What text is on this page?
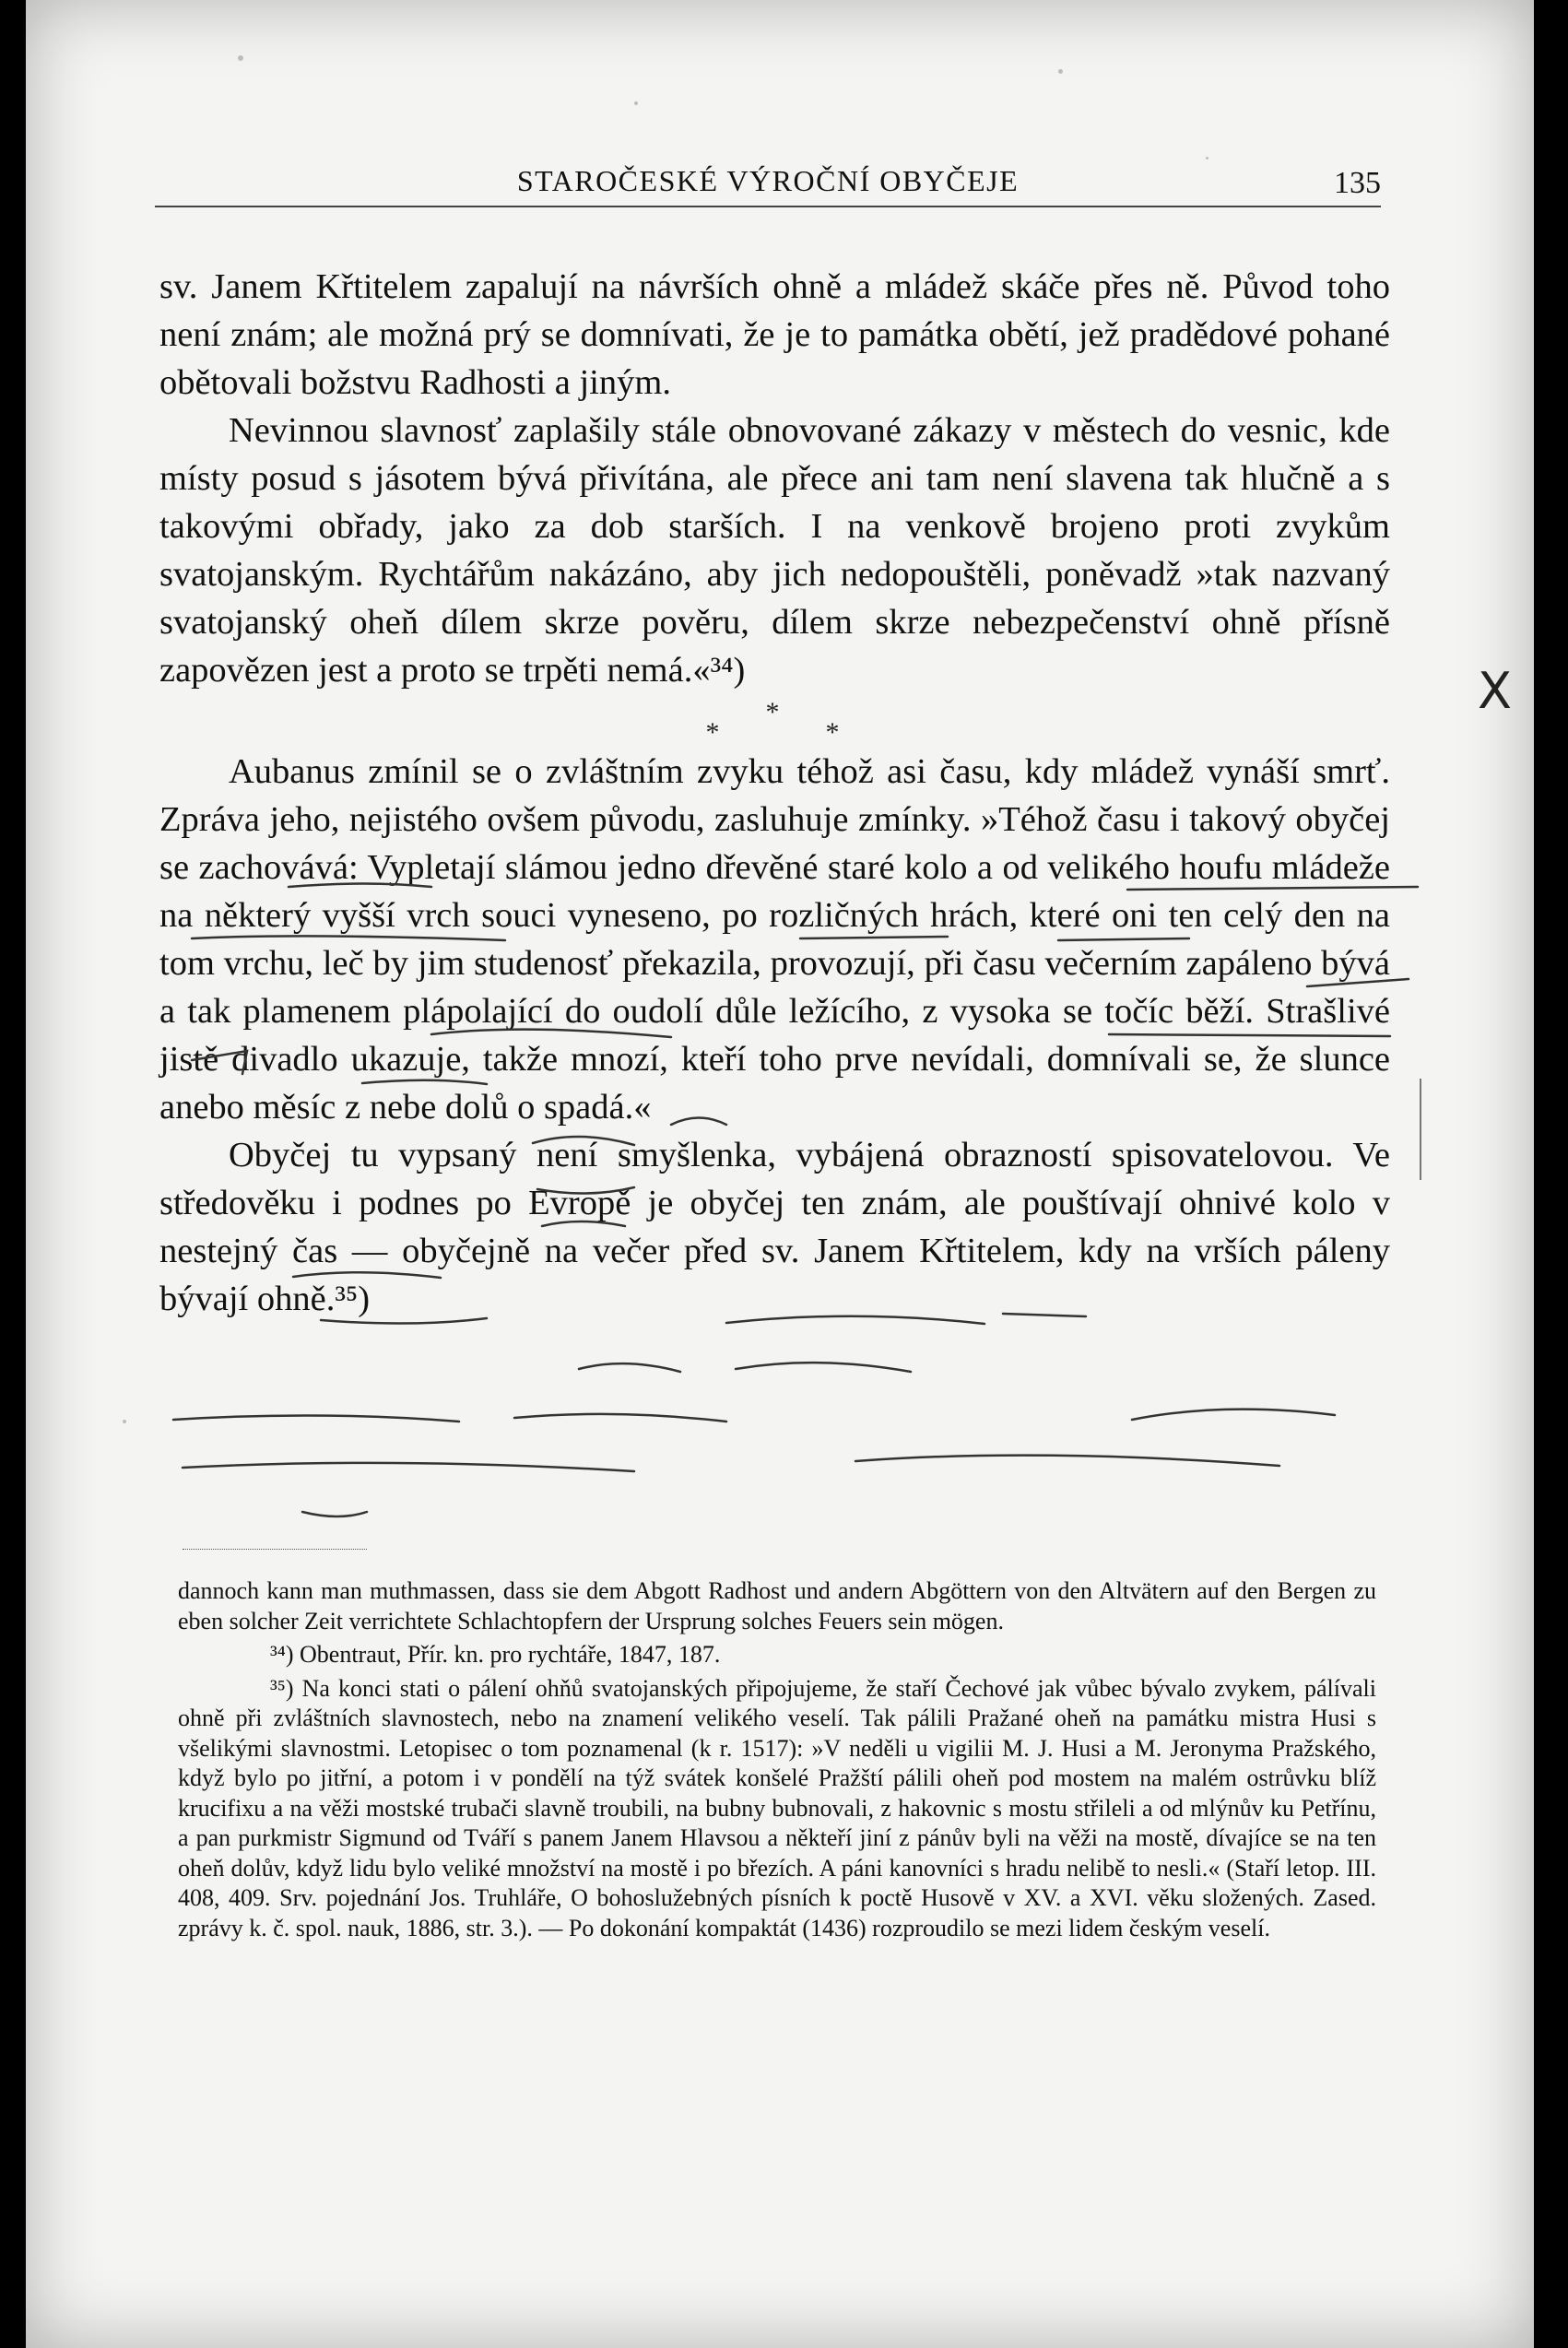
STAROČESKÉ VÝROČNÍ OBYČEJE	135

sv. Janem Křtitelem zapalují na návrších ohně a mládež skáče přes ně. Původ toho není znám; ale možná prý se domnívati, že je to památka obětí, jež pradědové pohané obětovali božstvu Radhosti a jiným.

Nevinnou slavnosť zaplašily stále obnovované zákazy v městech do vesnic, kde místy posud s jásotem bývá přivítána, ale přece ani tam není slavena tak hlučně a s takovými obřady, jako za dob starších. I na venkově brojeno proti zvykům svatojanským. Rychtářům nakázáno, aby jich nedopouštěli, poněvadž »tak nazvaný svatojanský oheň dílem skrze pověru, dílem skrze nebezpečenství ohně přísně zapovězen jest a proto se trpěti nemá.«³⁴)

*
*	*

Aubanus zmínil se o zvláštním zvyku téhož asi času, kdy mládež vynáší smrť. Zpráva jeho, nejistého ovšem původu, zasluhuje zmínky. »Téhož času i takový obyčej se zachovává: Vypletají slámou jedno dřevěné staré kolo a od velikého houfu mládeže na některý vyšší vrch souci vyneseno, po rozličných hrách, které oni ten celý den na tom vrchu, leč by jim studenosť překazila, provozují, při času večerním zapáleno bývá a tak plamenem plápolající do oudolí důle ležícího, z vysoka se točíc běží. Strašlivé jistě divadlo ukazuje, takže mnozí, kteří toho prve nevídali, domnívali se, že slunce anebo měsíc z nebe dolů o spadá.«

Obyčej tu vypsaný není smyšlenka, vybájená obrazností spisovatelovou. Ve středověku i podnes po Evropě je obyčej ten znám, ale pouštívají ohnivé kolo v nestejný čas — obyčejně na večer před sv. Janem Křtitelem, kdy na vrších páleny bývají ohně.³⁵)

dannoch kann man muthmassen, dass sie dem Abgott Radhost und andern Abgöttern von den Altvätern auf den Bergen zu eben solcher Zeit verrichtete Schlachtopfern der Ursprung solches Feuers sein mögen.

³⁴) Obentraut, Přír. kn. pro rychtáře, 1847, 187.

³⁵) Na konci stati o pálení ohňů svatojanských připojujeme, že staří Čechové jak vůbec bývalo zvykem, pálívali ohně při zvláštních slavnostech, nebo na znamení velikého veselí. Tak pálili Pražané oheň na památku mistra Husi s všelikými slavnostmi. Letopisec o tom poznamenal (k r. 1517): »V neděli u vigilii M. J. Husi a M. Jeronyma Pražského, když bylo po jitřní, a potom i v pondělí na týž svátek konšelé Pražští pálili oheň pod mostem na malém ostrůvku blíž krucifixu a na věži mostské trubači slavně troubili, na bubny bubnovali, z hakovnic s mostu střileli a od mlýnův ku Petřínu, a pan purkmistr Sigmund od Tváří s panem Janem Hlavsou a někteří jiní z pánův byli na věži na mostě, dívajíce se na ten oheň dolův, když lidu bylo veliké množství na mostě i po březích. A páni kanovníci s hradu nelibě to nesli.« (Staří letop. III. 408, 409. Srv. pojednání Jos. Truhláře, O bohoslužebných písních k poctě Husově v XV. a XVI. věku složených. Zased. zprávy k. č. spol. nauk, 1886, str. 3.). — Po dokonání kompaktát (1436) rozproudilo se mezi lidem českým veselí.

X
